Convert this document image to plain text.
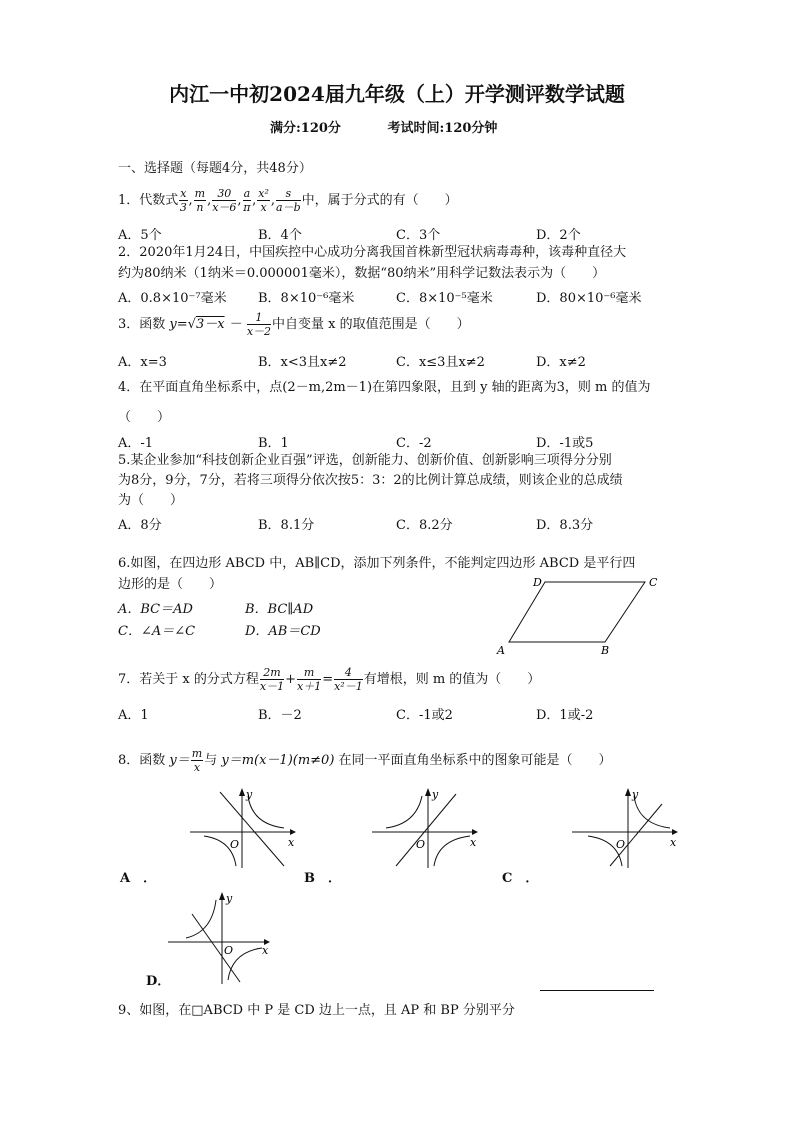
内江一中初2024届九年级（上）开学测评数学试题
满分:120分	考试时间:120分钟
一、选择题（每题4分，共48分）
1．代数式 $\frac{x}{3}$ , $\frac{m}{n}$ , $\frac{30}{x-6}$ , $\frac{a}{\pi}$ , $\frac{\text{x²}}{x}$ , $\frac{s}{a-b}$ 中，属于分式的有（　　）
A．5个	B．4个	C．3个	D．2个
2．2020年1月24日，中国疾控中心成功分离我国首株新型冠状病毒毒种，该毒种直径大
约为80纳米（1纳米＝0.000001毫米），数据“80纳米”用科学记数法表示为（　　）
A．0.8×10⁻⁷毫米 B．8×10⁻⁶毫米	C．8×10⁻⁵毫米	D．80×10⁻⁶毫米
3．函数 $y=√3-x - \frac{1}{x-2}$ 中自变量 x 的取值范围是（　　）
A．x=3	B．x<3且x≠2	C．x≤3且x≠2	D．x≠2
4．在平面直角坐标系中，点(2－m,2m－1)在第四象限，且到 y 轴的距离为3，则 m 的值为
（　　）
A．-1	B．1	C．-2	D．-1或5
5.某企业参加“科技创新企业百强”评选，创新能力、创新价值、创新影响三项得分分别
为8分，9分，7分，若将三项得分依次按5：3：2的比例计算总成绩，则该企业的总成绩
为（　　）
A．8分	B．8.1分	C．8.2分	D．8.3分
6.如图，在四边形 ABCD 中，AB∥CD，添加下列条件，不能判定四边形 ABCD 是平行四
边形的是（　　）
A．BC＝AD	B．BC∥AD
C．∠A＝∠C	D．AB＝CD
A	B
C
D
7．若关于 x 的分式方程 $\frac{2m}{x-1} + \frac{m}{x+1} = \frac{4}{\text{x²－1}}$ 有增根，则 m 的值为（　　）
A．1	B．－2	C．-1或2	D．1或-2
8．函数 $y= \frac{m}{x}$ 与 y＝m(x－1)(m≠0) 在同一平面直角坐标系中的图象可能是（　　）
y
x
O
A　．
y
x
O
B　．
y
x
O
C　．
y
x
O
D．
9、如图，在□ABCD 中 P 是 CD 边上一点，且 AP 和 BP 分别平分
